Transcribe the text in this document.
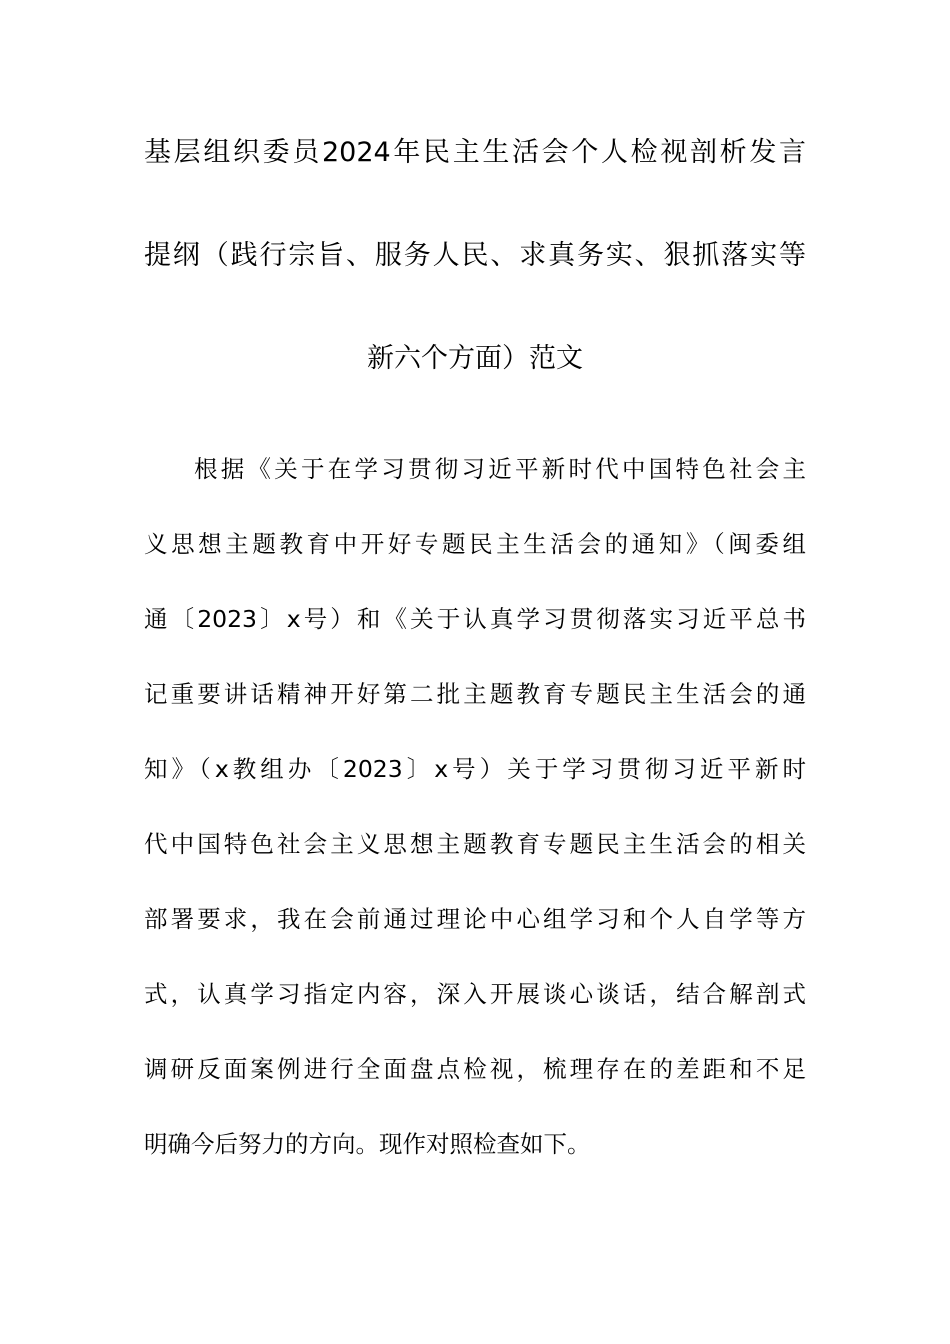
基层组织委员2024年民主生活会个人检视剖析发言
提纲（践行宗旨、服务人民、求真务实、狠抓落实等
新六个方面）范文
根据《关于在学习贯彻习近平新时代中国特色社会主
义思想主题教育中开好专题民主生活会的通知》（闽委组
通〔2023〕x号）和《关于认真学习贯彻落实习近平总书
记重要讲话精神开好第二批主题教育专题民主生活会的通
知》（x教组办〔2023〕x号）关于学习贯彻习近平新时
代中国特色社会主义思想主题教育专题民主生活会的相关
部署要求，我在会前通过理论中心组学习和个人自学等方
式，认真学习指定内容，深入开展谈心谈话，结合解剖式
调研反面案例进行全面盘点检视，梳理存在的差距和不足
明确今后努力的方向。现作对照检查如下。
